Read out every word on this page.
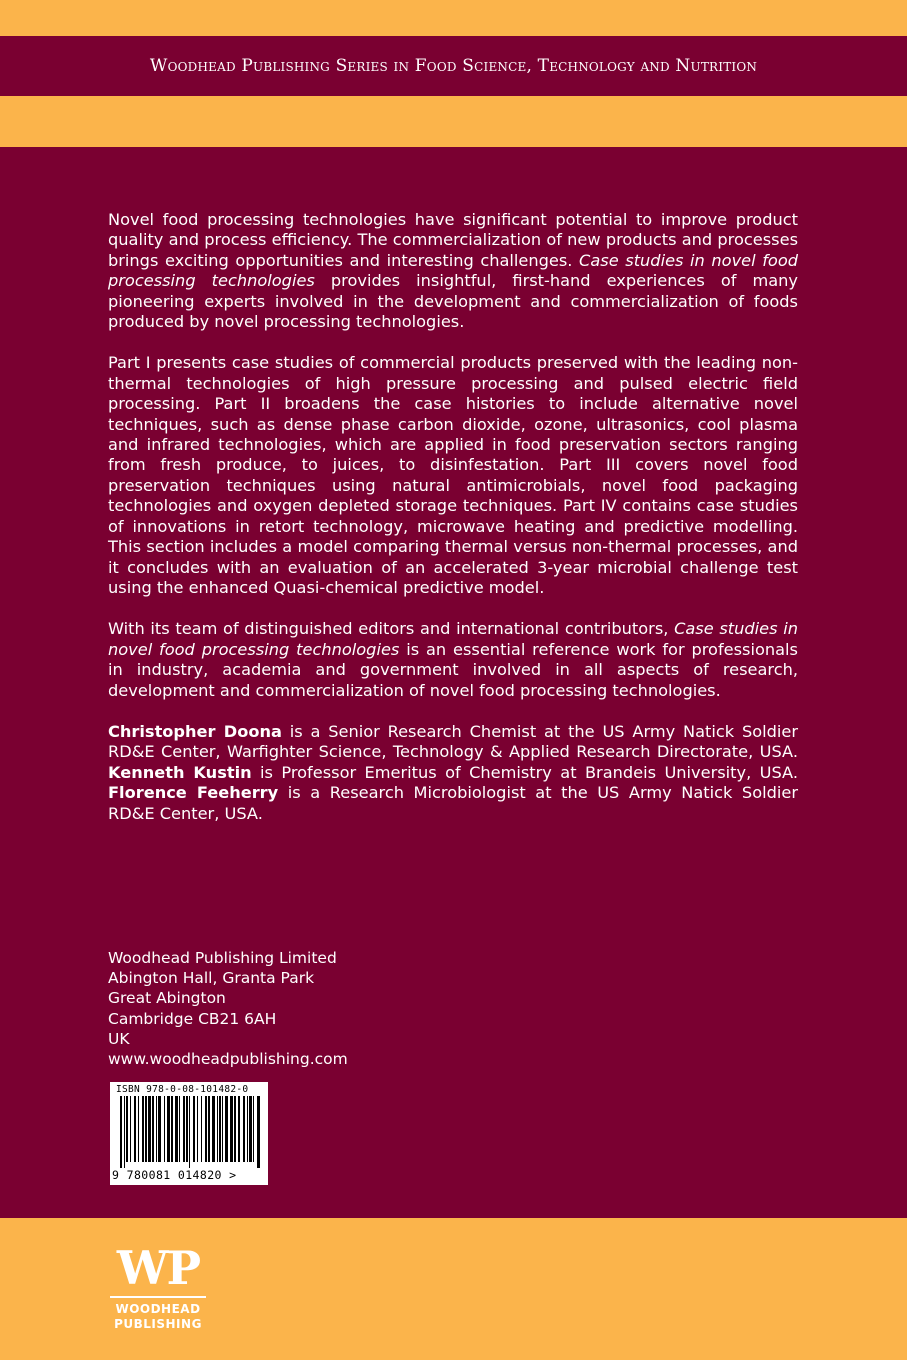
Woodhead Publishing Series in Food Science, Technology and Nutrition

Novel food processing technologies have significant potential to improve product quality and process efficiency. The commercialization of new products and processes brings exciting opportunities and interesting challenges. Case studies in novel food processing technologies provides insightful, first-hand experiences of many pioneering experts involved in the development and commercialization of foods produced by novel processing technologies.

Part I presents case studies of commercial products preserved with the leading non-thermal technologies of high pressure processing and pulsed electric field processing. Part II broadens the case histories to include alternative novel techniques, such as dense phase carbon dioxide, ozone, ultrasonics, cool plasma and infrared technologies, which are applied in food preservation sectors ranging from fresh produce, to juices, to disinfestation. Part III covers novel food preservation techniques using natural antimicrobials, novel food packaging technologies and oxygen depleted storage techniques. Part IV contains case studies of innovations in retort technology, microwave heating and predictive modelling. This section includes a model comparing thermal versus non-thermal processes, and it concludes with an evaluation of an accelerated 3-year microbial challenge test using the enhanced Quasi-chemical predictive model.

With its team of distinguished editors and international contributors, Case studies in novel food processing technologies is an essential reference work for professionals in industry, academia and government involved in all aspects of research, development and commercialization of novel food processing technologies.

Christopher Doona is a Senior Research Chemist at the US Army Natick Soldier RD&E Center, Warfighter Science, Technology & Applied Research Directorate, USA. Kenneth Kustin is Professor Emeritus of Chemistry at Brandeis University, USA. Florence Feeherry is a Research Microbiologist at the US Army Natick Soldier RD&E Center, USA.

Woodhead Publishing Limited
Abington Hall, Granta Park
Great Abington
Cambridge CB21 6AH
UK
www.woodheadpublishing.com
ISBN 978-0-08-101482-0
9 780081 014820 >
WP
WOODHEAD
PUBLISHING
